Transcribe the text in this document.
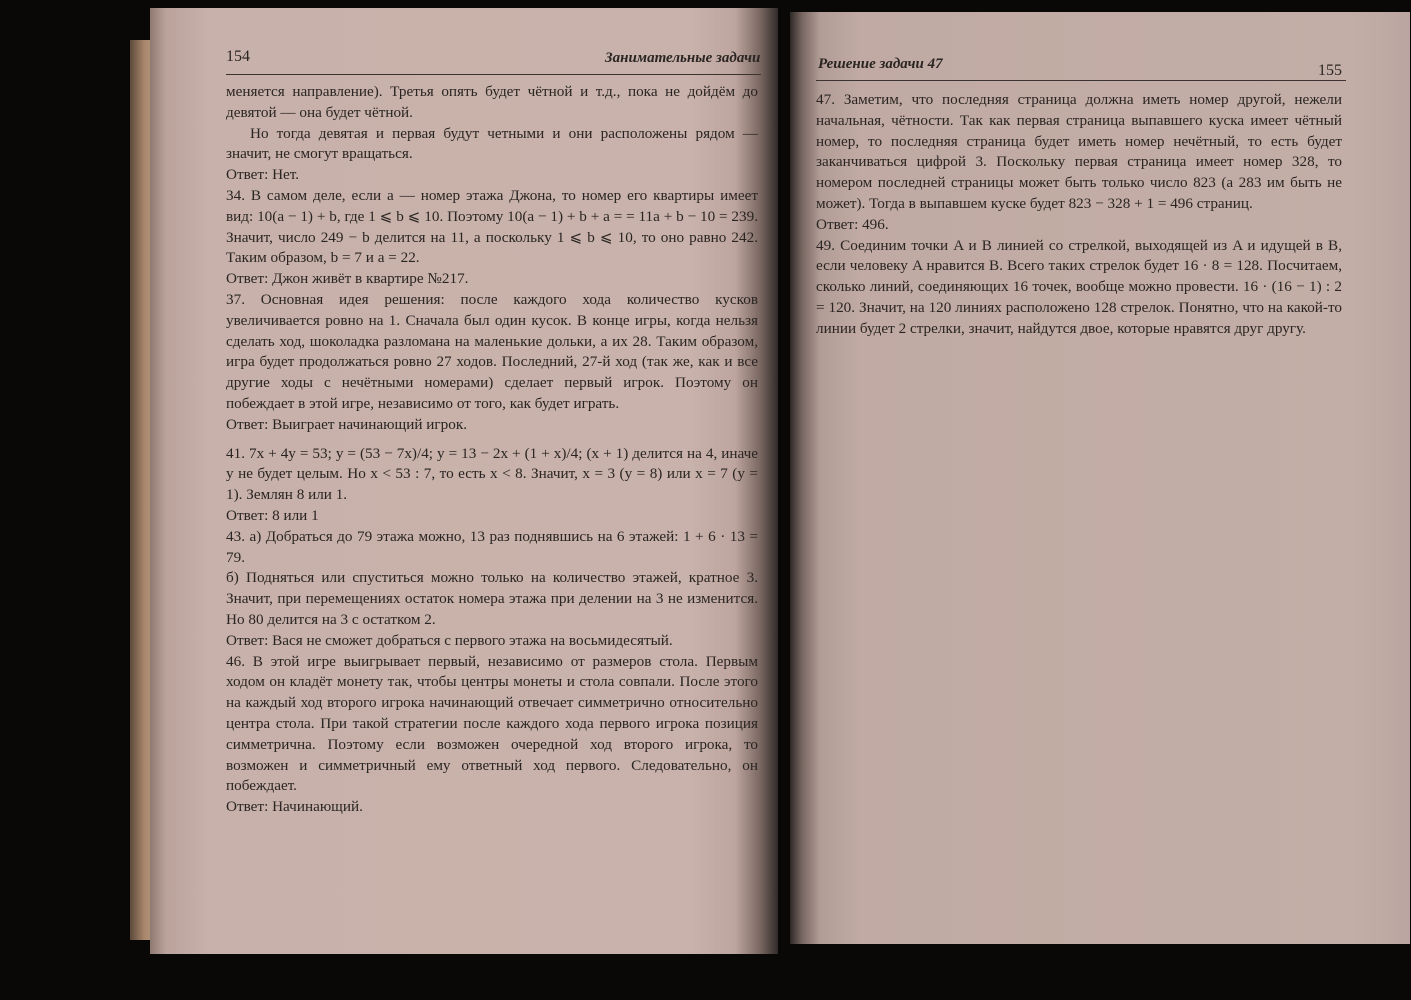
154	Занимательные задачи

меняется направление). Третья опять будет чётной и т.д., пока не дойдём до девятой — она будет чётной.

Но тогда девятая и первая будут четными и они расположены рядом — значит, не смогут вращаться.

Ответ: Нет.

34. В самом деле, если a — номер этажа Джона, то номер его квартиры имеет вид: 10(a − 1) + b, где 1 ⩽ b ⩽ 10. Поэтому 10(a − 1) + b + a = = 11a + b − 10 = 239. Значит, число 249 − b делится на 11, а поскольку 1 ⩽ b ⩽ 10, то оно равно 242. Таким образом, b = 7 и a = 22.

Ответ: Джон живёт в квартире №217.

37. Основная идея решения: после каждого хода количество кусков увеличивается ровно на 1. Сначала был один кусок. В конце игры, когда нельзя сделать ход, шоколадка разломана на маленькие дольки, а их 28. Таким образом, игра будет продолжаться ровно 27 ходов. Последний, 27-й ход (так же, как и все другие ходы с нечётными номерами) сделает первый игрок. Поэтому он побеждает в этой игре, независимо от того, как будет играть.

Ответ: Выиграет начинающий игрок.

41. 7x + 4y = 53; y = (53 − 7x)/4; y = 13 − 2x + (1 + x)/4; (x + 1) делится на 4, иначе y не будет целым. Но x < 53 : 7, то есть x < 8. Значит, x = 3 (y = 8) или x = 7 (y = 1). Землян 8 или 1.

Ответ: 8 или 1

43. а) Добраться до 79 этажа можно, 13 раз поднявшись на 6 этажей: 1 + 6 · 13 = 79.

б) Подняться или спуститься можно только на количество этажей, кратное 3. Значит, при перемещениях остаток номера этажа при делении на 3 не изменится. Но 80 делится на 3 с остатком 2.

Ответ: Вася не сможет добраться с первого этажа на восьмидесятый.

46. В этой игре выигрывает первый, независимо от размеров стола. Первым ходом он кладёт монету так, чтобы центры монеты и стола совпали. После этого на каждый ход второго игрока начинающий отвечает симметрично относительно центра стола. При такой стратегии после каждого хода первого игрока позиция симметрична. Поэтому если возможен очередной ход второго игрока, то возможен и симметричный ему ответный ход первого. Следовательно, он побеждает.

Ответ: Начинающий.

Решение задачи 47	155

47. Заметим, что последняя страница должна иметь номер другой, нежели начальная, чётности. Так как первая страница выпавшего куска имеет чётный номер, то последняя страница будет иметь номер нечётный, то есть будет заканчиваться цифрой 3. Поскольку первая страница имеет номер 328, то номером последней страницы может быть только число 823 (а 283 им быть не может). Тогда в выпавшем куске будет 823 − 328 + 1 = 496 страниц.

Ответ: 496.

49. Соединим точки A и B линией со стрелкой, выходящей из A и идущей в B, если человеку A нравится B. Всего таких стрелок будет 16 · 8 = 128. Посчитаем, сколько линий, соединяющих 16 точек, вообще можно провести. 16 · (16 − 1) : 2 = 120. Значит, на 120 линиях расположено 128 стрелок. Понятно, что на какой-то линии будет 2 стрелки, значит, найдутся двое, которые нравятся друг другу.
